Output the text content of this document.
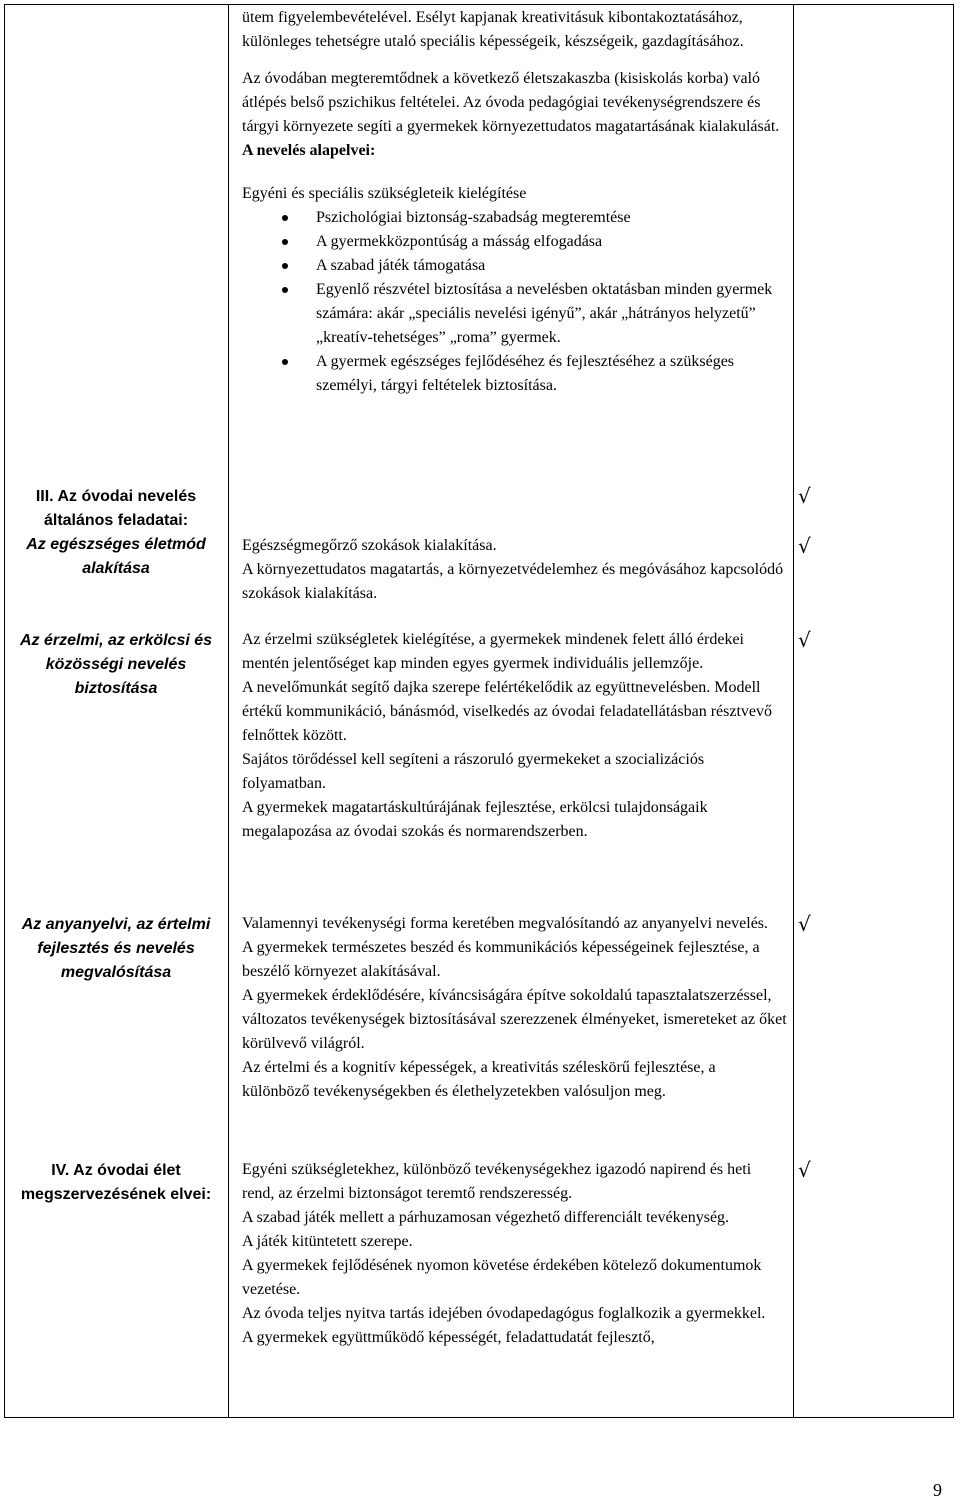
III. Az óvodai nevelés általános feladatai:

Az egészséges életmód alakítása

Az érzelmi, az erkölcsi és közösségi nevelés biztosítása

Az anyanyelvi, az értelmi fejlesztés és nevelés megvalósítása

IV. Az óvodai élet megszervezésének elvei:

ütem figyelembevételével. Esélyt kapjanak kreativitásuk kibontakoztatásához, különleges tehetségre utaló speciális képességeik, készségeik, gazdagításához.

Az óvodában megteremtődnek a következő életszakaszba (kisiskolás korba) való átlépés belső pszichikus feltételei. Az óvoda pedagógiai tevékenységrendszere és tárgyi környezete segíti a gyermekek környezettudatos magatartásának kialakulását.

A nevelés alapelvei:

Egyéni és speciális szükségleteik kielégítése

Pszichológiai biztonság-szabadság megteremtése
A gyermekközpontúság a másság elfogadása
A szabad játék támogatása
Egyenlő részvétel biztosítása a nevelésben oktatásban minden gyermek számára: akár „speciális nevelési igényű”, akár „hátrányos helyzetű” „kreatív-tehetséges” „roma” gyermek.
A gyermek egészséges fejlődéséhez és fejlesztéséhez a szükséges személyi, tárgyi feltételek biztosítása.

Egészségmegőrző szokások kialakítása.

A környezettudatos magatartás, a környezetvédelemhez és megóvásához kapcsolódó szokások kialakítása.

Az érzelmi szükségletek kielégítése, a gyermekek mindenek felett álló érdekei mentén jelentőséget kap minden egyes gyermek individuális jellemzője.

A nevelőmunkát segítő dajka szerepe felértékelődik az együttnevelésben. Modell értékű kommunikáció, bánásmód, viselkedés az óvodai feladatellátásban résztvevő felnőttek között.

Sajátos törődéssel kell segíteni a rászoruló gyermekeket a szocializációs folyamatban.

A gyermekek magatartáskultúrájának fejlesztése, erkölcsi tulajdonságaik megalapozása az óvodai szokás és normarendszerben.

Valamennyi tevékenységi forma keretében megvalósítandó az anyanyelvi nevelés.

A gyermekek természetes beszéd és kommunikációs képességeinek fejlesztése, a beszélő környezet alakításával.

A gyermekek érdeklődésére, kíváncsiságára építve sokoldalú tapasztalatszerzéssel, változatos tevékenységek biztosításával szerezzenek élményeket, ismereteket az őket körülvevő világról.

Az értelmi és a kognitív képességek, a kreativitás széleskörű fejlesztése, a különböző tevékenységekben és élethelyzetekben valósuljon meg.

Egyéni szükségletekhez, különböző tevékenységekhez igazodó napirend és heti rend, az érzelmi biztonságot teremtő rendszeresség.

A szabad játék mellett a párhuzamosan végezhető differenciált tevékenység.

A játék kitüntetett szerepe.

A gyermekek fejlődésének nyomon követése érdekében kötelező dokumentumok vezetése.

Az óvoda teljes nyitva tartás idejében óvodapedagógus foglalkozik a gyermekkel.

A gyermekek együttműködő képességét, feladattudatát fejlesztő,

√
√
√
√
√
9
